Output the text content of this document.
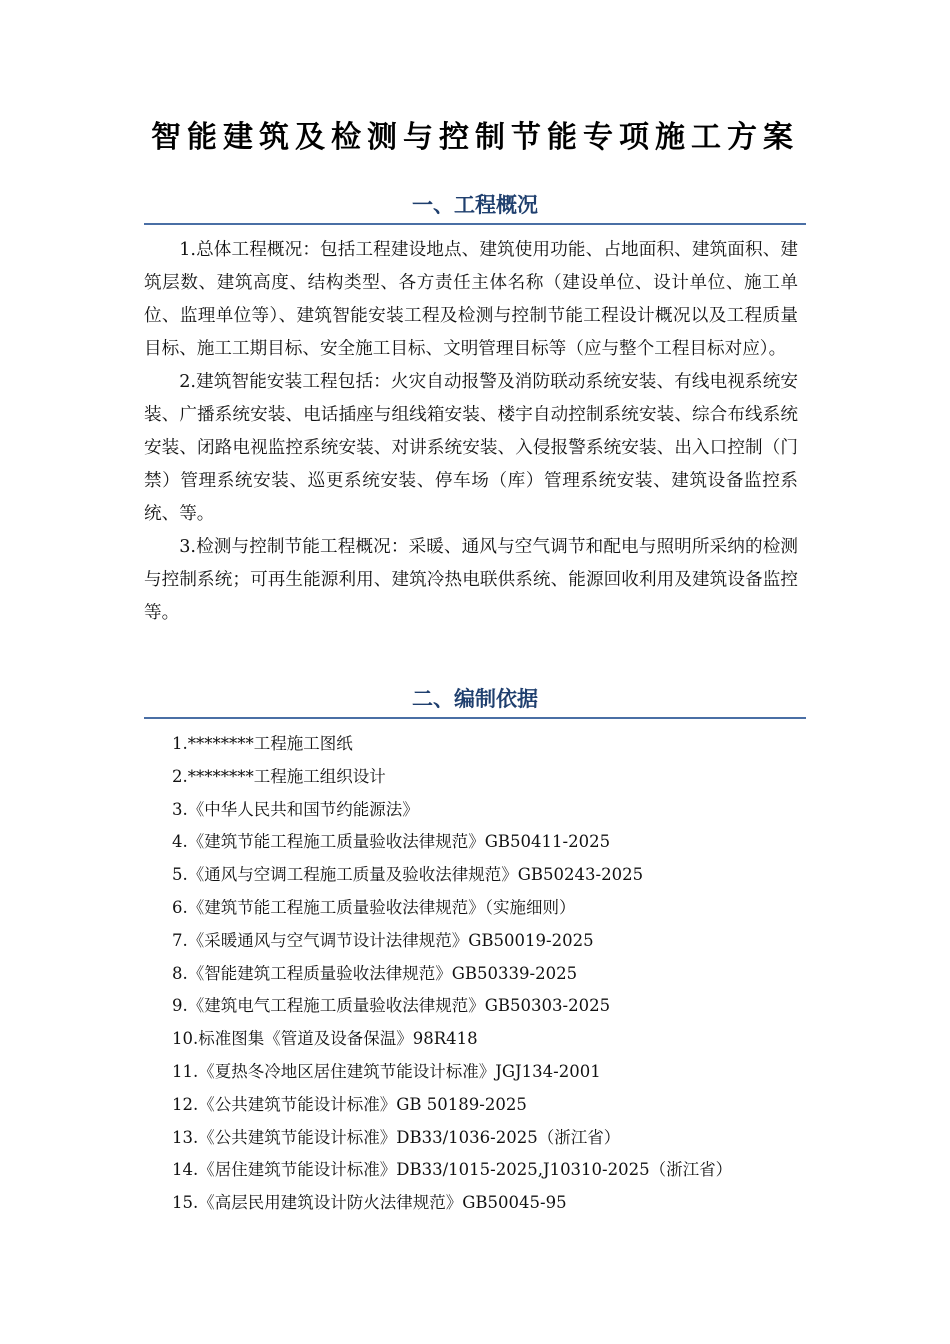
智能建筑及检测与控制节能专项施工方案
一、工程概况

1.总体工程概况：包括工程建设地点、建筑使用功能、占地面积、建筑面积、建筑层数、建筑高度、结构类型、各方责任主体名称（建设单位、设计单位、施工单位、监理单位等）、建筑智能安装工程及检测与控制节能工程设计概况以及工程质量目标、施工工期目标、安全施工目标、文明管理目标等（应与整个工程目标对应）。

2.建筑智能安装工程包括：火灾自动报警及消防联动系统安装、有线电视系统安装、广播系统安装、电话插座与组线箱安装、楼宇自动控制系统安装、综合布线系统安装、闭路电视监控系统安装、对讲系统安装、入侵报警系统安装、出入口控制（门禁）管理系统安装、巡更系统安装、停车场（库）管理系统安装、建筑设备监控系统、等。

3.检测与控制节能工程概况：采暖、通风与空气调节和配电与照明所采纳的检测与控制系统；可再生能源利用、建筑冷热电联供系统、能源回收利用及建筑设备监控等。

二、编制依据
1.********工程施工图纸
2.********工程施工组织设计
3.《中华人民共和国节约能源法》
4.《建筑节能工程施工质量验收法律规范》GB50411-2025
5.《通风与空调工程施工质量及验收法律规范》GB50243-2025
6.《建筑节能工程施工质量验收法律规范》（实施细则）
7.《采暖通风与空气调节设计法律规范》GB50019-2025
8.《智能建筑工程质量验收法律规范》GB50339-2025
9.《建筑电气工程施工质量验收法律规范》GB50303-2025
10.标准图集《管道及设备保温》98R418
11.《夏热冬冷地区居住建筑节能设计标准》JGJ134-2001
12.《公共建筑节能设计标准》GB 50189-2025
13.《公共建筑节能设计标准》DB33/1036-2025（浙江省）
14.《居住建筑节能设计标准》DB33/1015-2025,J10310-2025（浙江省）
15.《高层民用建筑设计防火法律规范》GB50045-95
